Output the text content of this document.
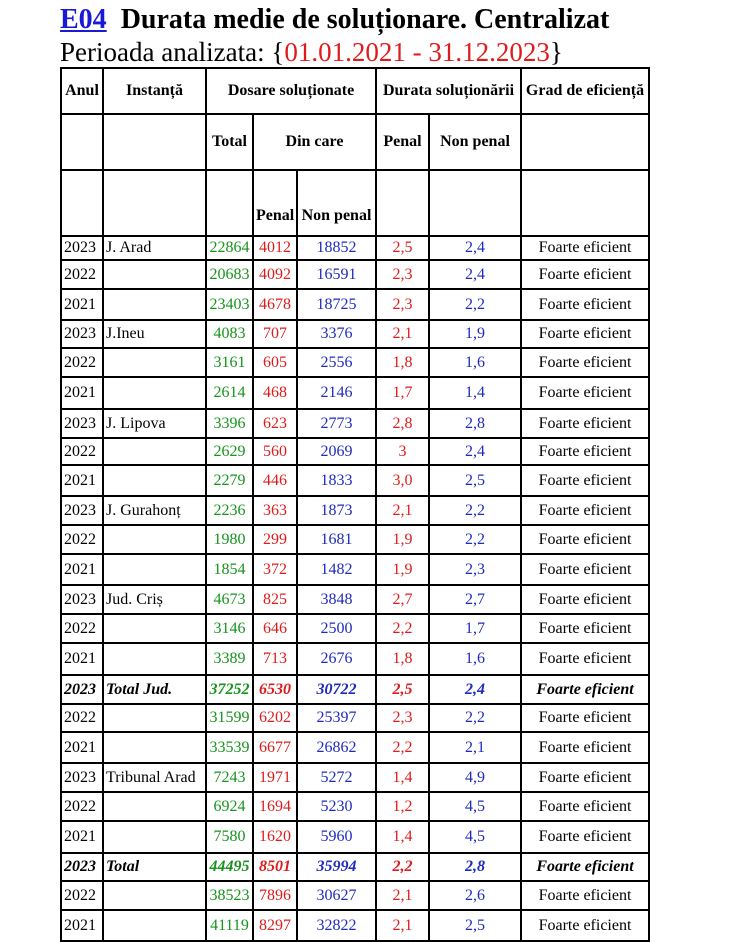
E04 Durata medie de soluționare. Centralizat
Perioada analizata: {01.01.2021 - 31.12.2023}
Anul	Instanță	Dosare soluționate			Durata soluționării		Grad de eficiență
		Total	Din care		Penal	Non penal	
			Penal	Non penal			
2023	J. Arad	22864	4012	18852	2,5	2,4	Foarte eficient
2022		20683	4092	16591	2,3	2,4	Foarte eficient
2021		23403	4678	18725	2,3	2,2	Foarte eficient
2023	J.Ineu	4083	707	3376	2,1	1,9	Foarte eficient
2022		3161	605	2556	1,8	1,6	Foarte eficient
2021		2614	468	2146	1,7	1,4	Foarte eficient
2023	J. Lipova	3396	623	2773	2,8	2,8	Foarte eficient
2022		2629	560	2069	3	2,4	Foarte eficient
2021		2279	446	1833	3,0	2,5	Foarte eficient
2023	J. Gurahonț	2236	363	1873	2,1	2,2	Foarte eficient
2022		1980	299	1681	1,9	2,2	Foarte eficient
2021		1854	372	1482	1,9	2,3	Foarte eficient
2023	Jud. Criș	4673	825	3848	2,7	2,7	Foarte eficient
2022		3146	646	2500	2,2	1,7	Foarte eficient
2021		3389	713	2676	1,8	1,6	Foarte eficient
2023	Total Jud.	37252	6530	30722	2,5	2,4	Foarte eficient
2022		31599	6202	25397	2,3	2,2	Foarte eficient
2021		33539	6677	26862	2,2	2,1	Foarte eficient
2023	Tribunal Arad	7243	1971	5272	1,4	4,9	Foarte eficient
2022		6924	1694	5230	1,2	4,5	Foarte eficient
2021		7580	1620	5960	1,4	4,5	Foarte eficient
2023	Total	44495	8501	35994	2,2	2,8	Foarte eficient
2022		38523	7896	30627	2,1	2,6	Foarte eficient
2021		41119	8297	32822	2,1	2,5	Foarte eficient
